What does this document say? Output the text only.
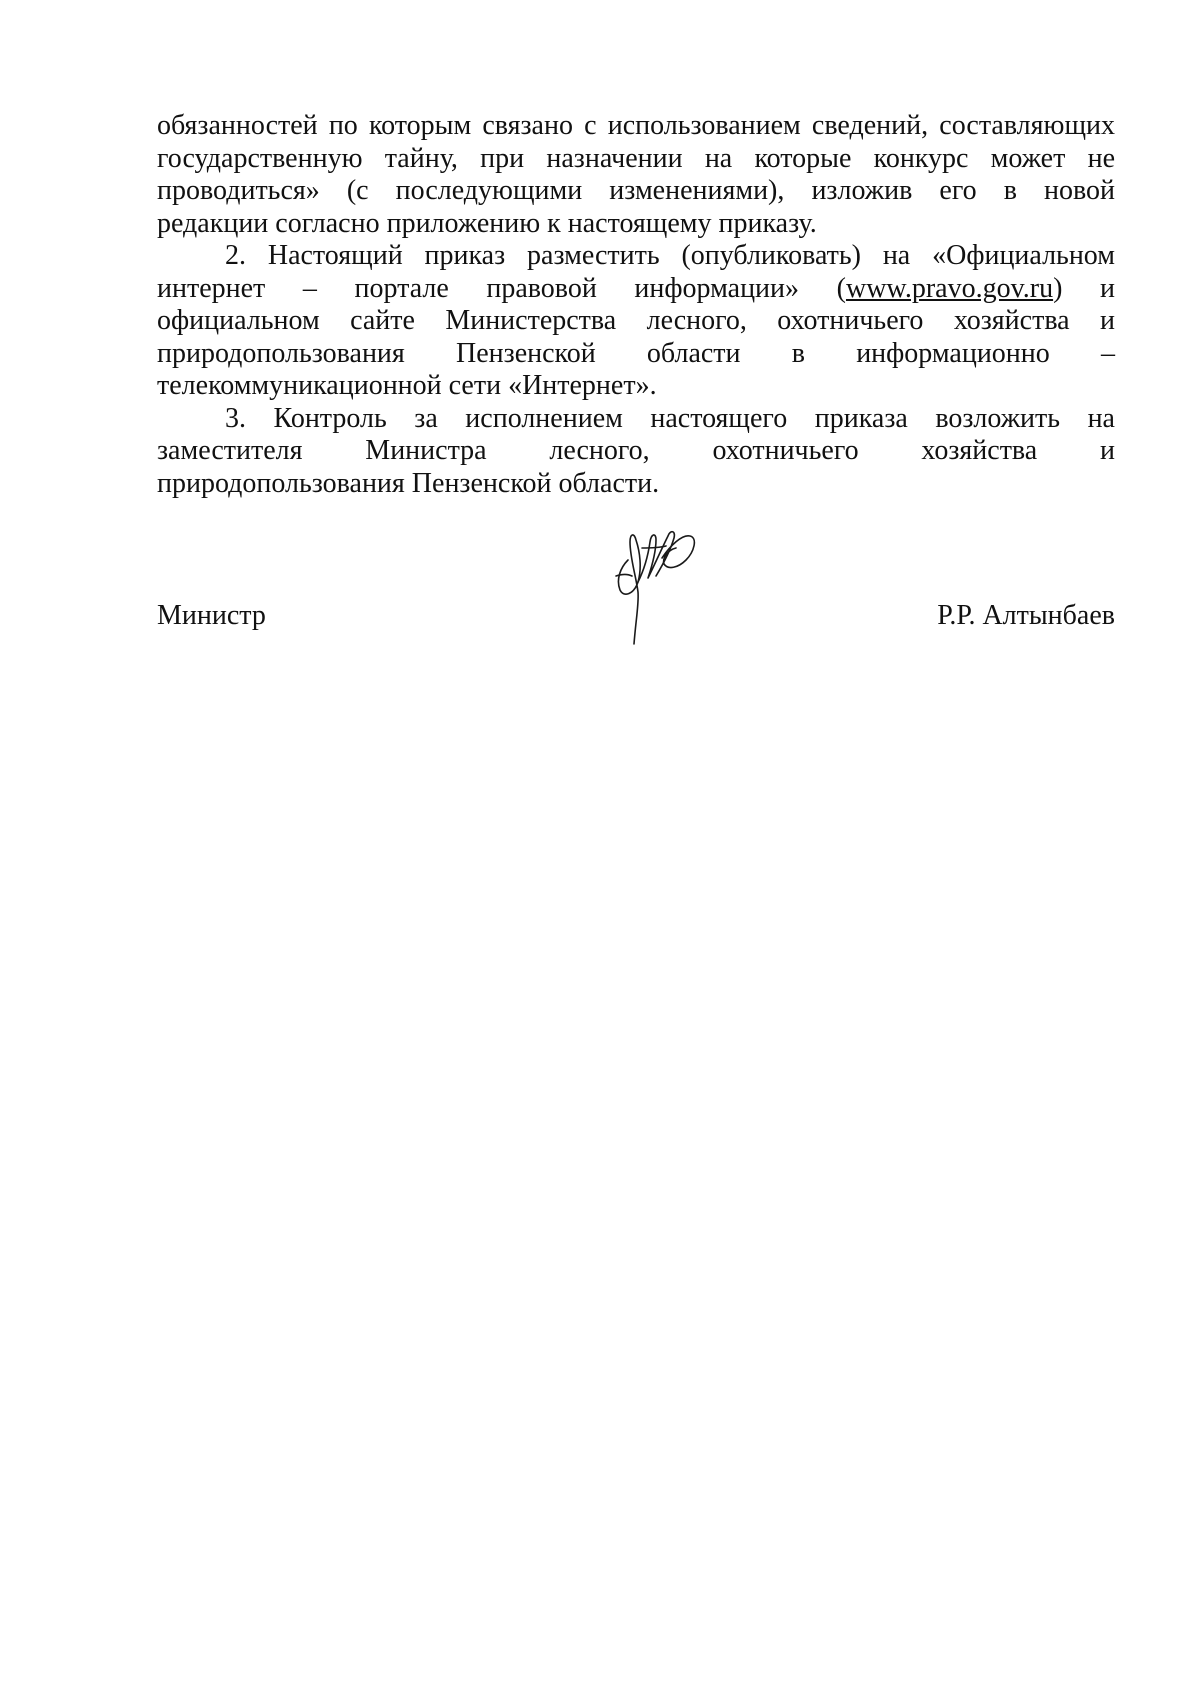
обязанностей по которым связано с использованием сведений, составляющих
государственную тайну, при назначении на которые конкурс может не
проводиться» (с последующими изменениями), изложив его в новой
редакции согласно приложению к настоящему приказу.
2. Настоящий приказ разместить (опубликовать) на «Официальном
интернет – портале правовой информации» (www.pravo.gov.ru) и
официальном сайте Министерства лесного, охотничьего хозяйства и
природопользования Пензенской области в информационно –
телекоммуникационной сети «Интернет».
3. Контроль за исполнением настоящего приказа возложить на
заместителя Министра лесного, охотничьего хозяйства и
природопользования Пензенской области.
Министр	Р.Р. Алтынбаев
